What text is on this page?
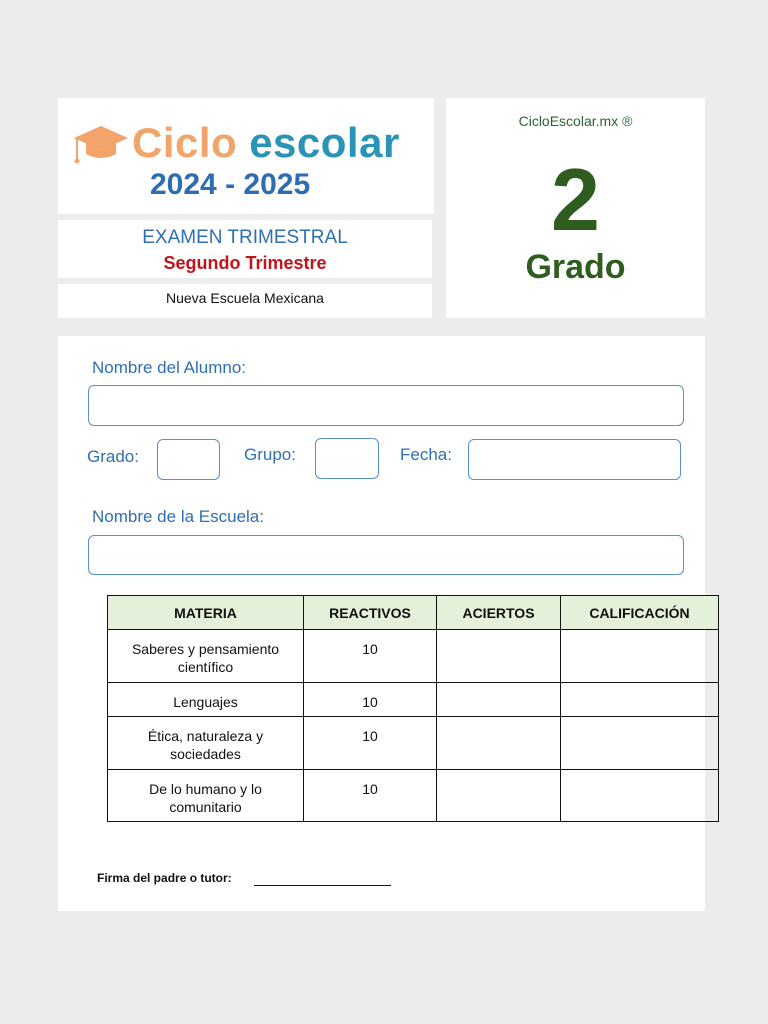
Ciclo escolar
2024 - 2025
EXAMEN TRIMESTRAL
Segundo Trimestre
Nueva Escuela Mexicana
CicloEscolar.mx ®
2
Grado
Nombre del Alumno:
Grado:	Grupo:	Fecha:
Nombre de la Escuela:
MATERIA	REACTIVOS	ACIERTOS	CALIFICACIÓN
Saberes y pensamiento científico	10		
Lenguajes	10		
Ética, naturaleza y sociedades	10		
De lo humano y lo comunitario	10		
Firma del padre o tutor:
